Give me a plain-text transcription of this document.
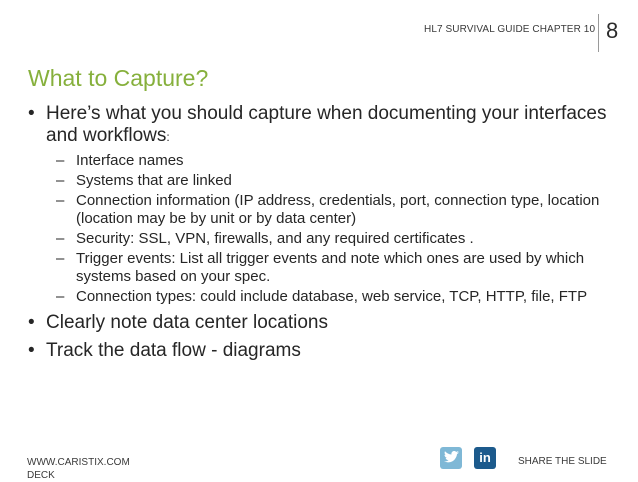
HL7 SURVIVAL GUIDE CHAPTER 10 8
What to Capture?
• Here’s what you should capture when documenting your interfaces and workflows:
– Interface names
– Systems that are linked
– Connection information (IP address, credentials, port, connection type, location (location may be by unit or by data center)
– Security: SSL, VPN, firewalls, and any required certificates .
– Trigger events: List all trigger events and note which ones are used by which systems based on your spec.
– Connection types: could include database, web service, TCP, HTTP, file, FTP
• Clearly note data center locations
• Track the data flow - diagrams
WWW.CARISTIX.COM
DECK
in	SHARE THE SLIDE
